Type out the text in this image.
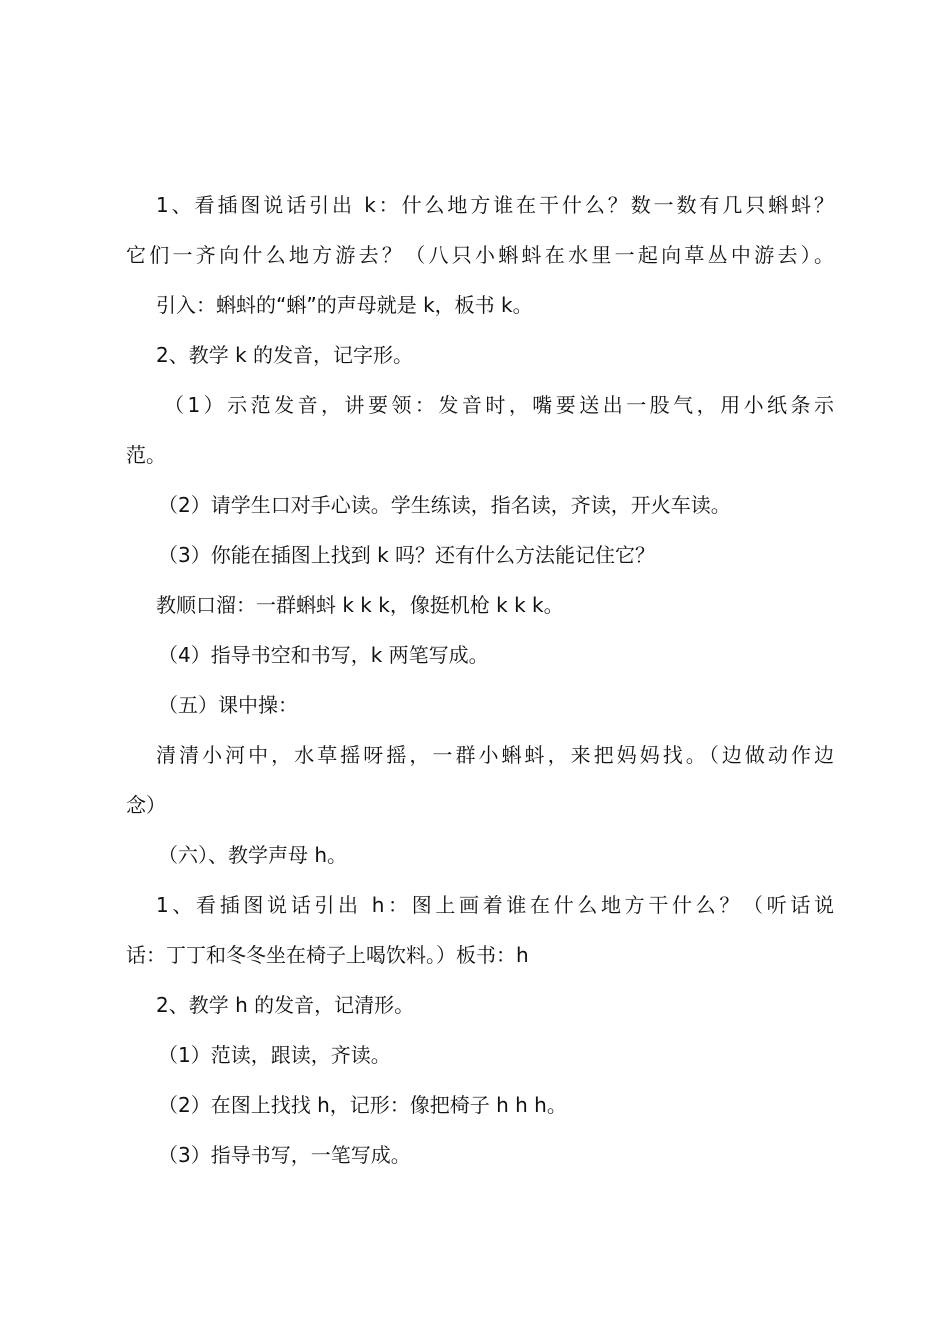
1、看插图说话引出 k：什么地方谁在干什么？数一数有几只蝌蚪？
它们一齐向什么地方游去？（八只小蝌蚪在水里一起向草丛中游去）。
引入：蝌蚪的“蝌”的声母就是 k，板书 k。
2、教学 k 的发音，记字形。
（1）示范发音，讲要领：发音时，嘴要送出一股气，用小纸条示
范。
（2）请学生口对手心读。学生练读，指名读，齐读，开火车读。
（3）你能在插图上找到 k 吗？还有什么方法能记住它？
教顺口溜：一群蝌蚪 k k k，像挺机枪 k k k。
（4）指导书空和书写，k 两笔写成。
（五）课中操：
清清小河中，水草摇呀摇，一群小蝌蚪，来把妈妈找。（边做动作边
念）
（六）、教学声母 h。
1、看插图说话引出 h：图上画着谁在什么地方干什么？（听话说
话：丁丁和冬冬坐在椅子上喝饮料。）板书：h
2、教学 h 的发音，记清形。
（1）范读，跟读，齐读。
（2）在图上找找 h，记形：像把椅子 h h h。
（3）指导书写，一笔写成。
